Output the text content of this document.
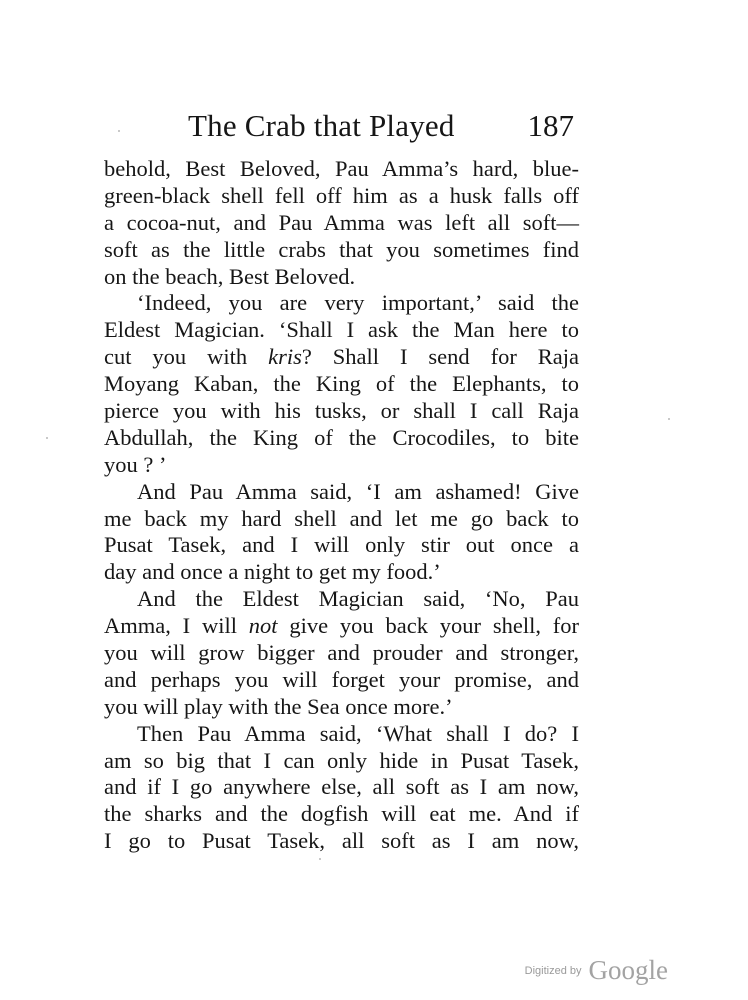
The Crab that Played 187
behold, Best Beloved, Pau Amma’s hard, blue-
green-black shell fell off him as a husk falls off
a cocoa-nut, and Pau Amma was left all soft—
soft as the little crabs that you sometimes find
on the beach, Best Beloved.
‘Indeed, you are very important,’ said the
Eldest Magician. ‘Shall I ask the Man here to
cut you with kris? Shall I send for Raja
Moyang Kaban, the King of the Elephants, to
pierce you with his tusks, or shall I call Raja
Abdullah, the King of the Crocodiles, to bite
you ? ’
And Pau Amma said, ‘I am ashamed! Give
me back my hard shell and let me go back to
Pusat Tasek, and I will only stir out once a
day and once a night to get my food.’
And the Eldest Magician said, ‘No, Pau
Amma, I will not give you back your shell, for
you will grow bigger and prouder and stronger,
and perhaps you will forget your promise, and
you will play with the Sea once more.’
Then Pau Amma said, ‘What shall I do? I
am so big that I can only hide in Pusat Tasek,
and if I go anywhere else, all soft as I am now,
the sharks and the dogfish will eat me. And if
I go to Pusat Tasek, all soft as I am now,
Digitized by Google
